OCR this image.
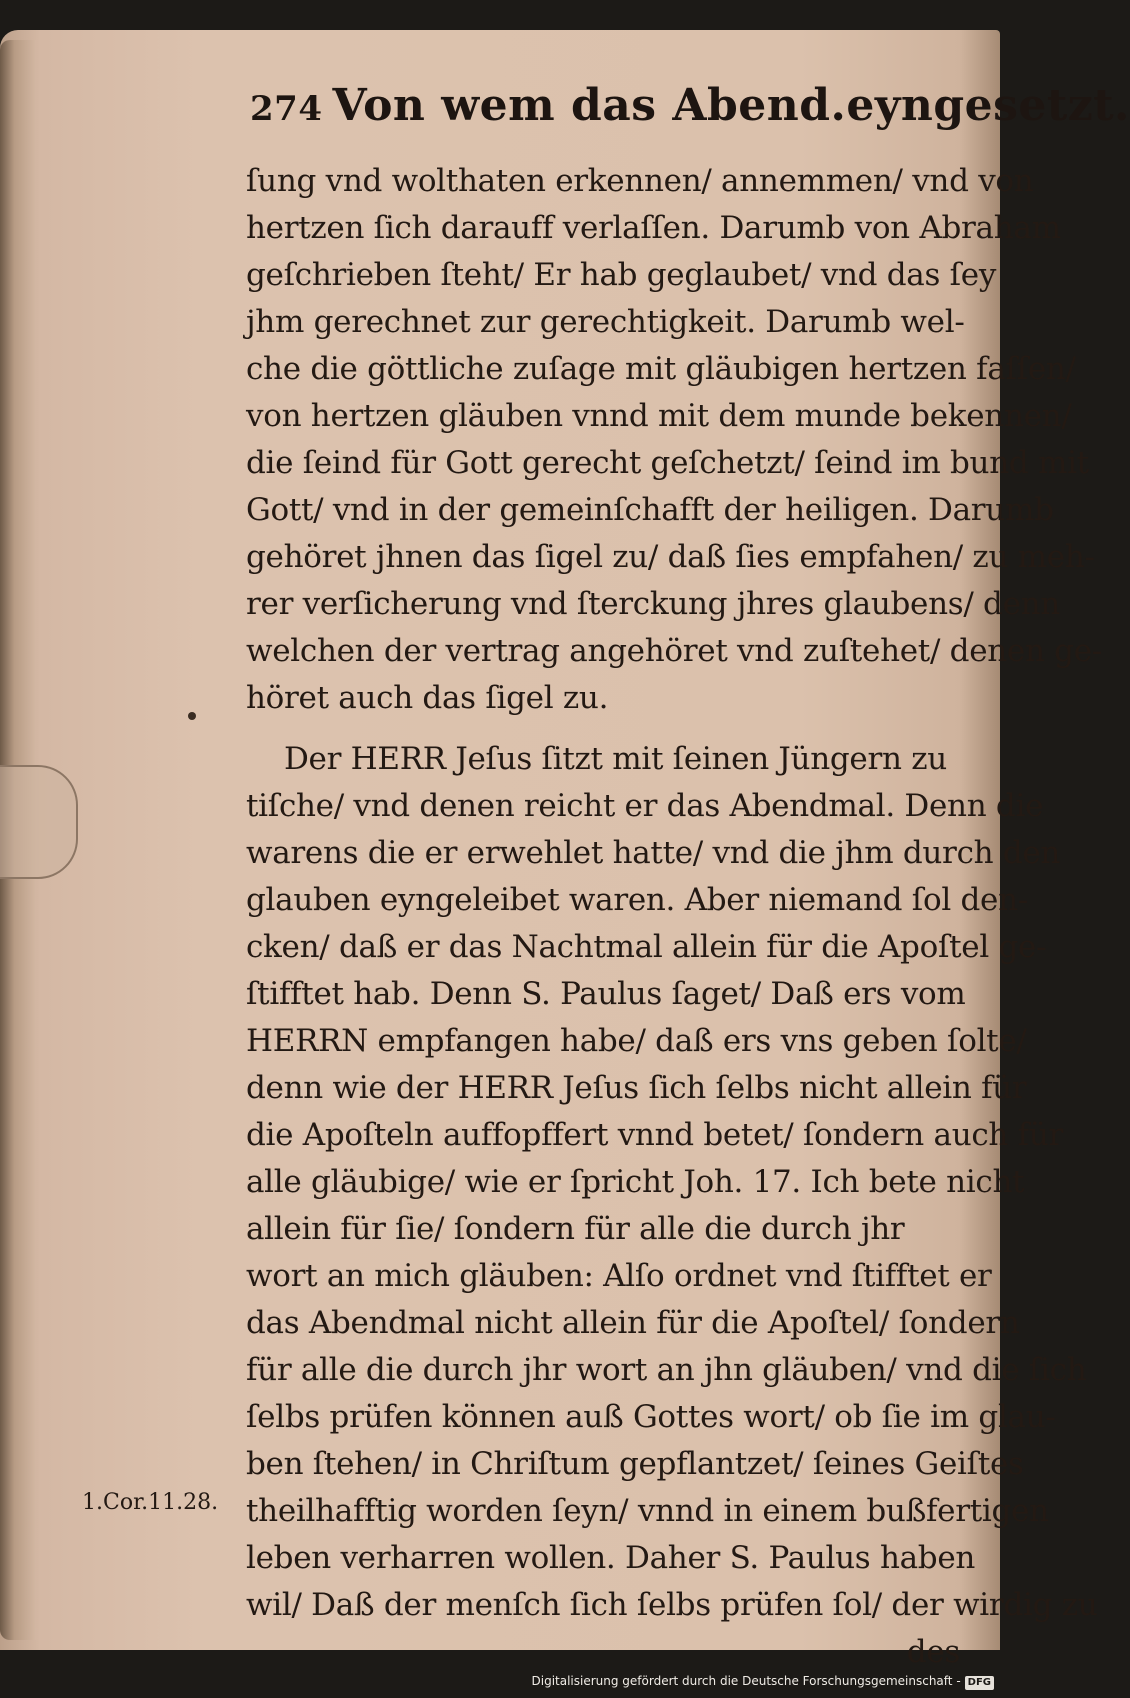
274 Von wem das Abend.eyngesetzt.
ſung vnd wolthaten erkennen/ annemmen/ vnd von
hertzen ſich darauff verlaſſen. Darumb von Abraham
geſchrieben ſteht/ Er hab geglaubet/ vnd das ſey
jhm gerechnet zur gerechtigkeit. Darumb wel-
che die göttliche zuſage mit gläubigen hertzen faſſen/
von hertzen gläuben vnnd mit dem munde bekennen/
die ſeind für Gott gerecht geſchetzt/ ſeind im bund mit
Gott/ vnd in der gemeinſchafft der heiligen. Darumb
gehöret jhnen das ſigel zu/ daß ſies empfahen/ zu meh-
rer verſicherung vnd ſterckung jhres glaubens/ denn
welchen der vertrag angehöret vnd zuſtehet/ denen ge-
höret auch das ſigel zu.
Der HERR Jeſus ſitzt mit ſeinen Jüngern zu
tiſche/ vnd denen reicht er das Abendmal. Denn die
warens die er erwehlet hatte/ vnd die jhm durch den
glauben eyngeleibet waren. Aber niemand ſol den-
cken/ daß er das Nachtmal allein für die Apoſtel ge-
ſtifftet hab. Denn S. Paulus ſaget/ Daß ers vom
HERRN empfangen habe/ daß ers vns geben ſolte/
denn wie der HERR Jeſus ſich ſelbs nicht allein für
die Apoſteln auffopffert vnnd betet/ ſondern auch für
alle gläubige/ wie er ſpricht Joh. 17. Ich bete nicht
allein für ſie/ ſondern für alle die durch jhr
wort an mich gläuben: Alſo ordnet vnd ſtifftet er
das Abendmal nicht allein für die Apoſtel/ ſondern
für alle die durch jhr wort an jhn gläuben/ vnd die ſich
ſelbs prüfen können auß Gottes wort/ ob ſie im glau-
ben ſtehen/ in Chriſtum gepflantzet/ ſeines Geiſtes
theilhafftig worden ſeyn/ vnnd in einem bußfertigen
leben verharren wollen. Daher S. Paulus haben
wil/ Daß der menſch ſich ſelbs prüfen ſol/ der wirdig zu
des
1.Cor.11.28.
Digitalisierung gefördert durch die Deutsche Forschungsgemeinschaft - DFG
